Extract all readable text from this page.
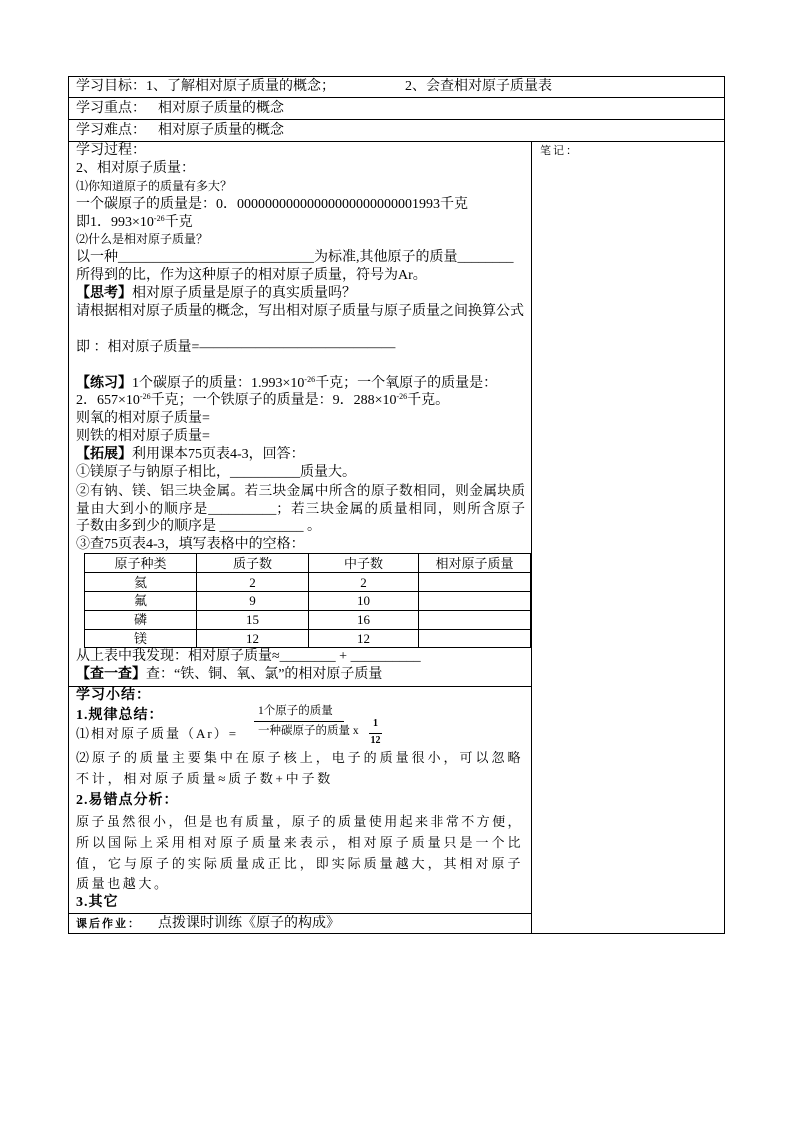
学习目标：1、了解相对原子质量的概念；	2、会查相对原子质量表
学习重点： 相对原子质量的概念
学习难点： 相对原子质量的概念
学习过程：
2、相对原子质量：
⑴你知道原子的质量有多大？
一个碳原子的质量是：0．00000000000000000000000001993千克
即1．$993\times 10^{-26}$千克
⑵什么是相对原子质量？
以一种____________________________为标准,其他原子的质量________
所得到的比，作为这种原子的相对原子质量，符号为Ar。
【思考】相对原子质量是原子的真实质量吗？
请根据相对原子质量的概念，写出相对原子质量与原子质量之间换算公式
即 ：相对原子质量=——————————————
【练习】1个碳原子的质量：$1.993\times 10^{-26}$千克；一个氧原子的质量是：
2．$657\times 10^{-26}$千克；一个铁原子的质量是：9．$288\times 10^{-26}$千克。
则氧的相对原子质量=
则铁的相对原子质量=
【拓展】利用课本75页表4-3，回答：
①镁原子与钠原子相比，__________质量大。
②有钠、镁、铝三块金属。若三块金属中所含的原子数相同，则金属块质
量由大到小的顺序是__________；若三块金属的质量相同，则所含原子
子数由多到少的顺序是 ____________ 。
③查75页表4-3，填写表格中的空格：
原子种类	质子数	中子数	相对原子质量
氦	2	2	
氟	9	10	
磷	15	16	
镁	12	12	
从上表中我发现：相对原子质量≈________ + __________
【查一查】查：“铁、铜、氧、氯”的相对原子质量
笔记：
学习小结：
1.规律总结：
⑴相对原子质量（Ar）=
1个原子的质量
一种碳原子的质量 x
1
12
⑵原子的质量主要集中在原子核上，电子的质量很小，可以忽略
不计，相对原子质量≈质子数+中子数
2.易错点分析：
原子虽然很小，但是也有质量，原子的质量使用起来非常不方便，
所以国际上采用相对原子质量来表示，相对原子质量只是一个比
值，它与原子的实际质量成正比，即实际质量越大，其相对原子
质量也越大。
3.其它
课后作业： 点拨课时训练《原子的构成》
